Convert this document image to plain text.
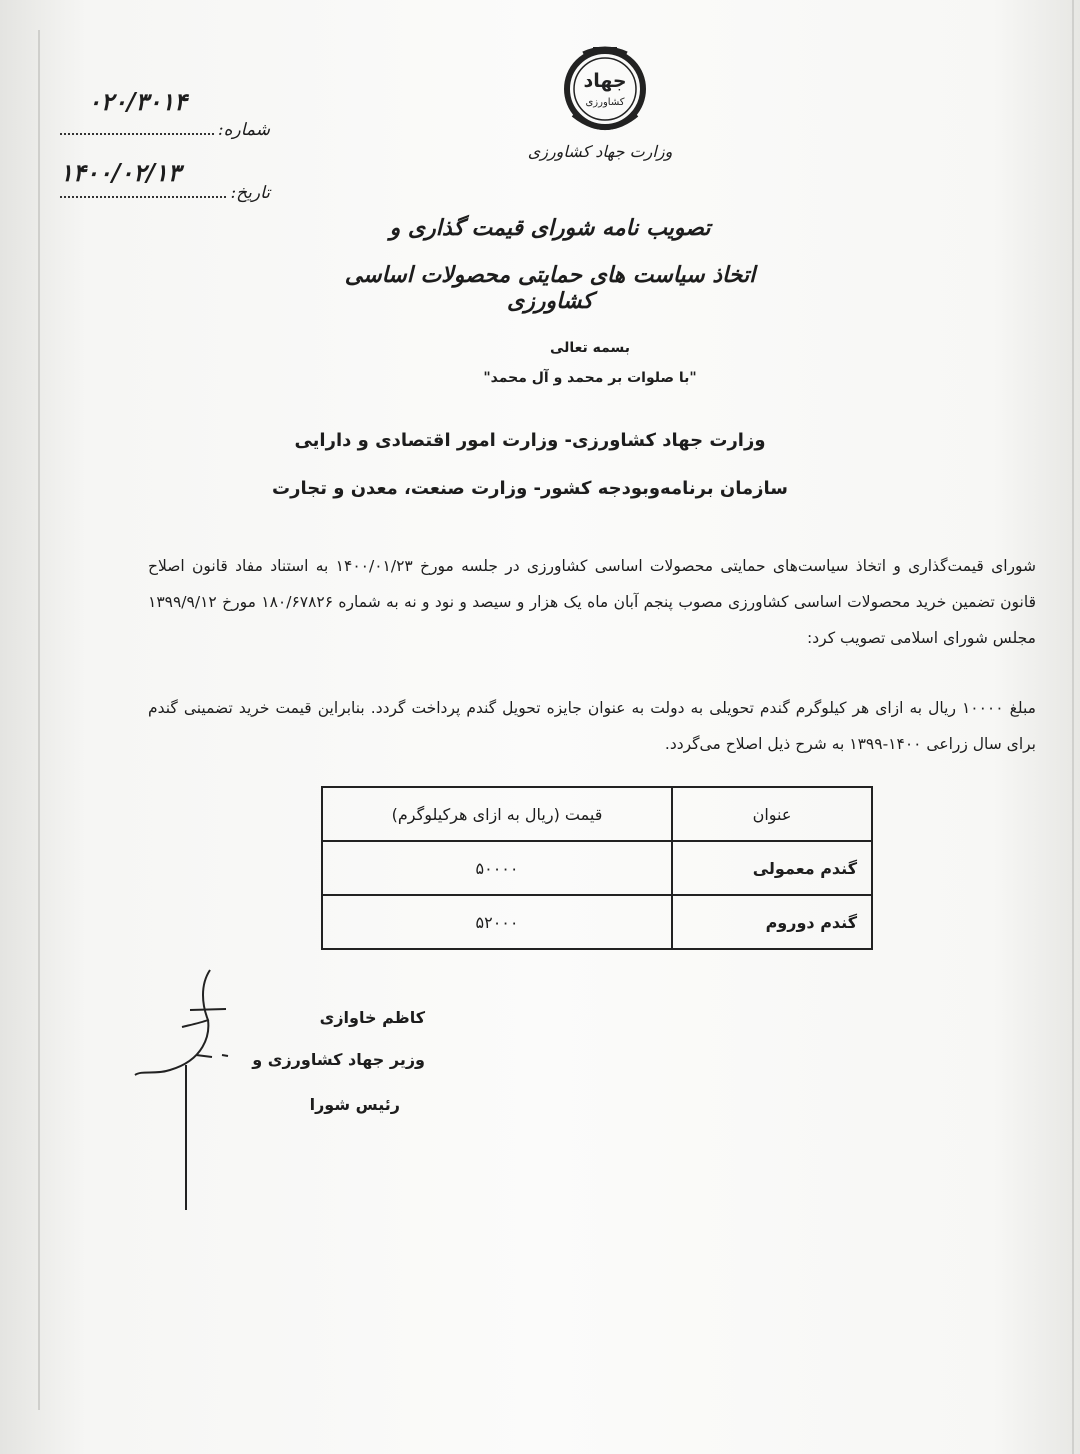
جهاد
کشاورزی
وزارت جهاد کشاورزی
شماره:
۰۲۰/۳۰۱۴
تاریخ:
۱۴۰۰/۰۲/۱۳
تصویب نامه شورای قیمت گذاری و
اتخاذ سیاست های حمایتی محصولات اساسی کشاورزی
بسمه تعالی
"با صلوات بر محمد و آل محمد"
وزارت جهاد کشاورزی- وزارت امور اقتصادی و دارایی
سازمان برنامه‌وبودجه کشور- وزارت صنعت، معدن و تجارت
شورای قیمت‌گذاری و اتخاذ سیاست‌های حمایتی محصولات اساسی کشاورزی در جلسه مورخ ۱۴۰۰/۰۱/۲۳ به استناد مفاد قانون اصلاح قانون تضمین خرید محصولات اساسی کشاورزی مصوب پنجم آبان ماه یک هزار و سیصد و نود و نه به شماره ۱۸۰/۶۷۸۲۶ مورخ ۱۳۹۹/۹/۱۲ مجلس شورای اسلامی تصویب کرد:
مبلغ ۱۰۰۰۰ ریال به ازای هر کیلوگرم گندم تحویلی به دولت به عنوان جایزه تحویل گندم پرداخت گردد. بنابراین قیمت خرید تضمینی گندم برای سال زراعی ۱۴۰۰-۱۳۹۹ به شرح ذیل اصلاح می‌گردد.
عنوان	قیمت (ریال به ازای هرکیلوگرم)
گندم معمولی	۵۰۰۰۰
گندم دوروم	۵۲۰۰۰
کاظم خاوازی
وزیر جهاد کشاورزی و
رئیس شورا
